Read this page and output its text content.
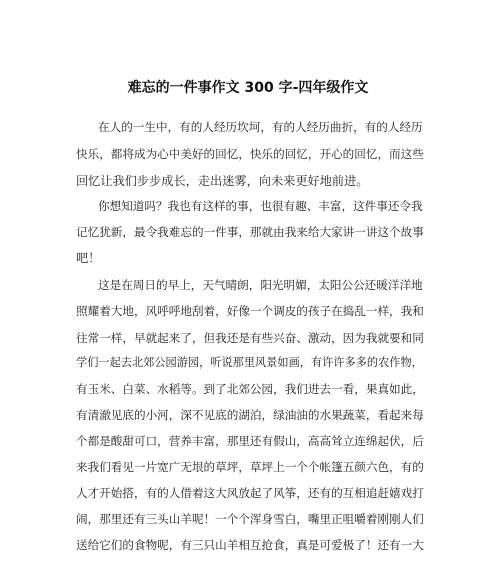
难忘的一件事作文 300 字-四年级作文
在人的一生中，有的人经历坎坷，有的人经历曲折，有的人经历
快乐，都将成为心中美好的回忆，快乐的回忆，开心的回忆，而这些
回忆让我们步步成长，走出迷雾，向未来更好地前进。
你想知道吗？我也有这样的事，也很有趣、丰富，这件事还令我
记忆犹新，最令我难忘的一件事，那就由我来给大家讲一讲这个故事
吧！
这是在周日的早上，天气晴朗，阳光明媚，太阳公公还暖洋洋地
照耀着大地，风呼呼地刮着，好像一个调皮的孩子在捣乱一样，我和
往常一样，早就起来了，但我还是有些兴奋、激动，因为我就要和同
学们一起去北郊公园游园，听说那里风景如画，有许许多多的农作物，
有玉米、白菜、水稻等。到了北郊公园，我们进去一看，果真如此，
有清澈见底的小河，深不见底的湖泊，绿油油的水果蔬菜，看起来每
个都是酸甜可口，营养丰富，那里还有假山，高高耸立连绵起伏，后
来我们看见一片宽广无垠的草坪，草坪上一个个帐篷五颜六色，有的
人才开始搭，有的人借着这大风放起了风筝，还有的互相追赶嬉戏打
闹，那里还有三头山羊呢！一个个浑身雪白，嘴里正咀嚼着刚刚人们
送给它们的食物呢，有三只山羊相互抢食，真是可爱极了！还有一大
